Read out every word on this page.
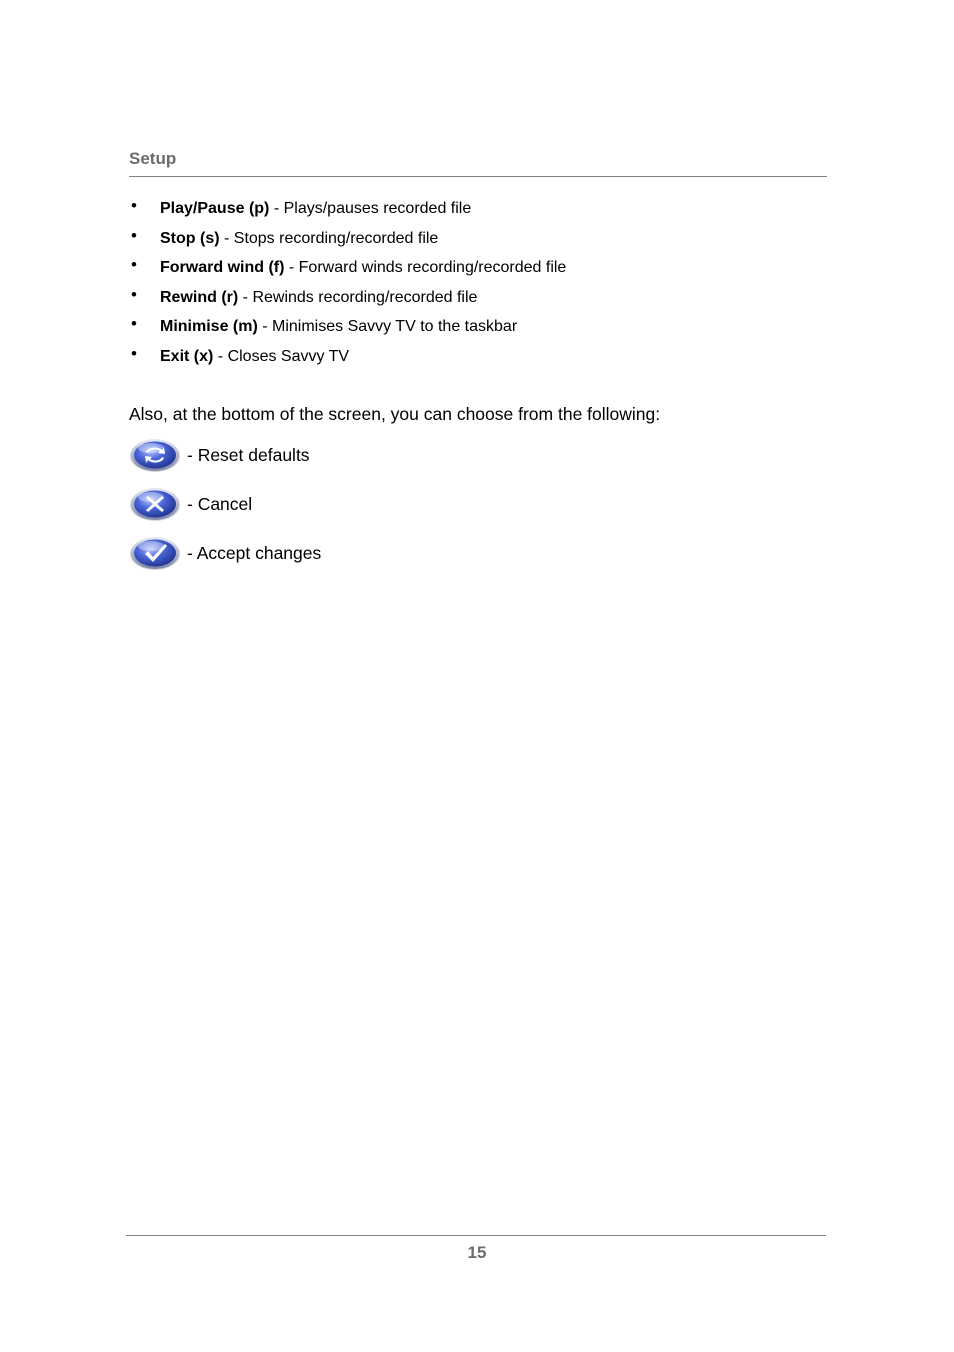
Setup
• Play/Pause (p) - Plays/pauses recorded file
• Stop (s) - Stops recording/recorded file
• Forward wind (f) - Forward winds recording/recorded file
• Rewind (r) - Rewinds recording/recorded file
• Minimise (m) - Minimises Savvy TV to the taskbar
• Exit (x) - Closes Savvy TV
Also, at the bottom of the screen, you can choose from the following:
- Reset defaults
- Cancel
- Accept changes
15
